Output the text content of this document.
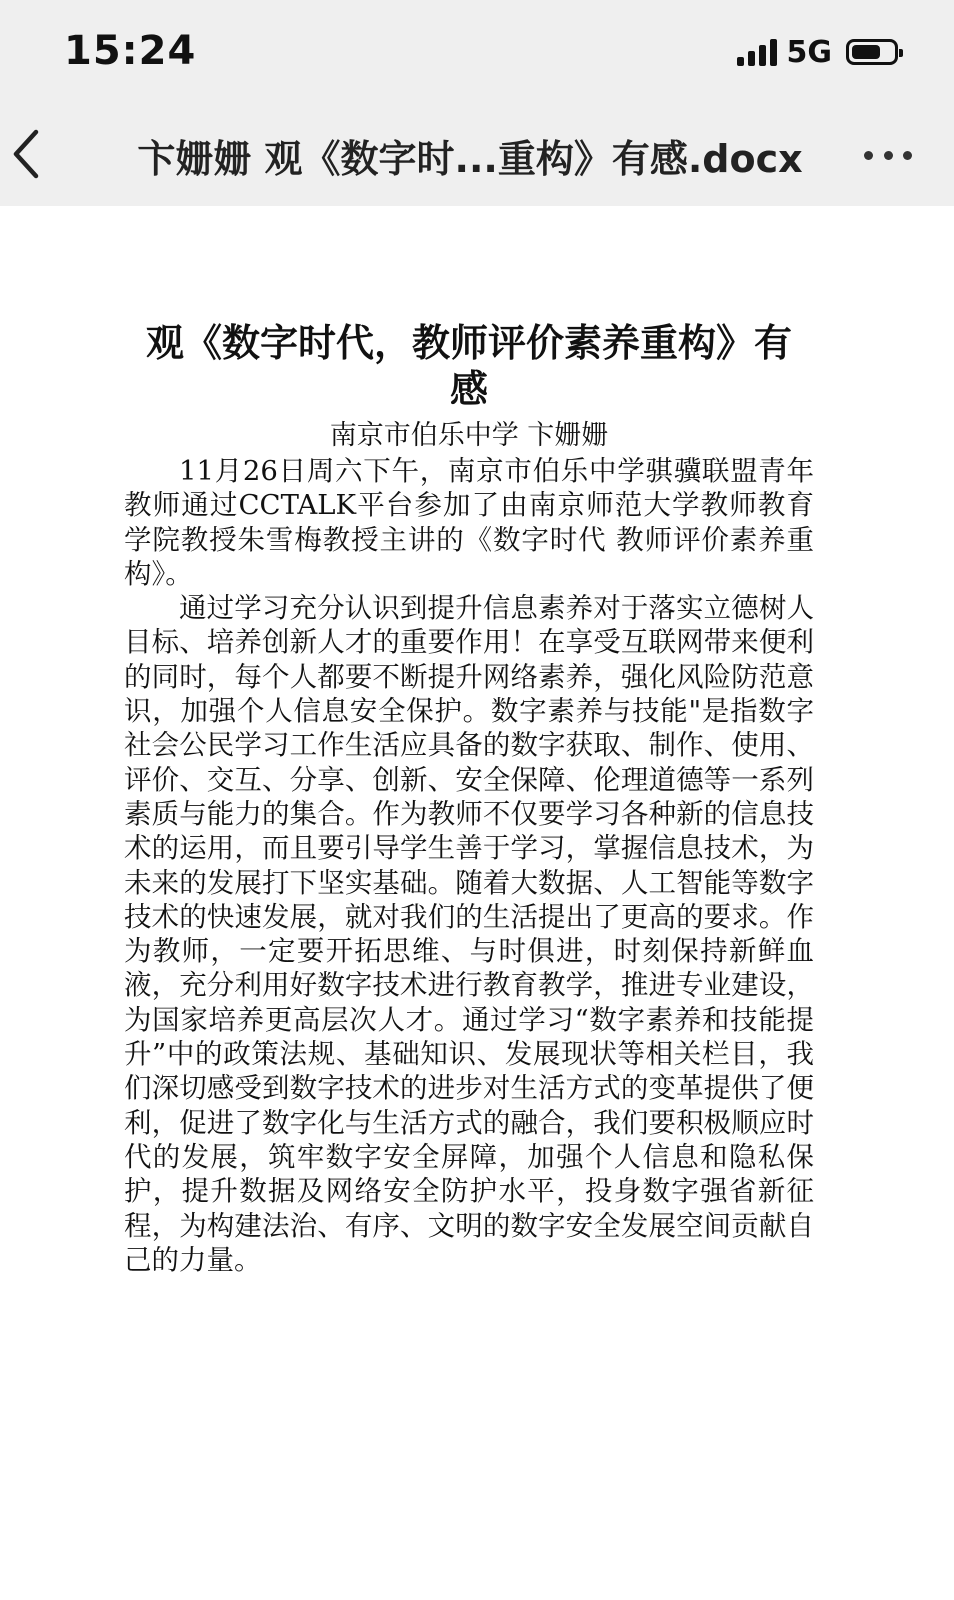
15:24	5G
卞姗姗 观《数字时...重构》有感.docx
观《数字时代，教师评价素养重构》有感

南京市伯乐中学 卞姗姗

11月26日周六下午，南京市伯乐中学骐骥联盟青年教师通过CCTALK平台参加了由南京师范大学教师教育学院教授朱雪梅教授主讲的《数字时代 教师评价素养重构》。

通过学习充分认识到提升信息素养对于落实立德树人目标、培养创新人才的重要作用！在享受互联网带来便利的同时，每个人都要不断提升网络素养，强化风险防范意识，加强个人信息安全保护。数字素养与技能"是指数字社会公民学习工作生活应具备的数字获取、制作、使用、评价、交互、分享、创新、安全保障、伦理道德等一系列素质与能力的集合。作为教师不仅要学习各种新的信息技术的运用，而且要引导学生善于学习，掌握信息技术，为未来的发展打下坚实基础。随着大数据、人工智能等数字技术的快速发展，就对我们的生活提出了更高的要求。作为教师，一定要开拓思维、与时俱进，时刻保持新鲜血液，充分利用好数字技术进行教育教学，推进专业建设，为国家培养更高层次人才。通过学习“数字素养和技能提升”中的政策法规、基础知识、发展现状等相关栏目，我们深切感受到数字技术的进步对生活方式的变革提供了便利，促进了数字化与生活方式的融合，我们要积极顺应时代的发展，筑牢数字安全屏障，加强个人信息和隐私保护，提升数据及网络安全防护水平，投身数字强省新征程，为构建法治、有序、文明的数字安全发展空间贡献自己的力量。
